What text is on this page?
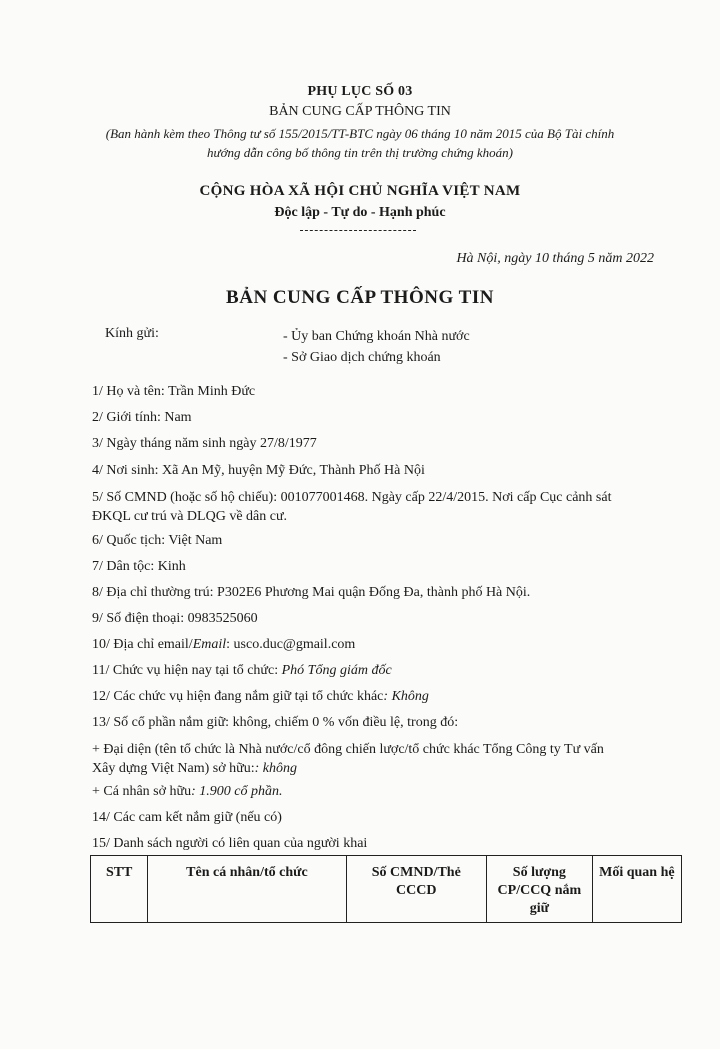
PHỤ LỤC SỐ 03
BẢN CUNG CẤP THÔNG TIN
(Ban hành kèm theo Thông tư số 155/2015/TT-BTC ngày 06 tháng 10 năm 2015 của Bộ Tài chính hướng dẫn công bố thông tin trên thị trường chứng khoán)
CỘNG HÒA XÃ HỘI CHỦ NGHĨA VIỆT NAM
Độc lập - Tự do - Hạnh phúc
Hà Nội, ngày 10 tháng 5 năm 2022
BẢN CUNG CẤP THÔNG TIN
Kính gửi:	- Ủy ban Chứng khoán Nhà nước
- Sở Giao dịch chứng khoán
1/ Họ và tên: Trần Minh Đức
2/ Giới tính: Nam
3/ Ngày tháng năm sinh ngày 27/8/1977
4/ Nơi sinh: Xã An Mỹ, huyện Mỹ Đức, Thành Phố Hà Nội
5/ Số CMND (hoặc số hộ chiếu): 001077001468. Ngày cấp 22/4/2015. Nơi cấp Cục cảnh sát ĐKQL cư trú và DLQG về dân cư.
6/ Quốc tịch: Việt Nam
7/ Dân tộc: Kinh
8/ Địa chỉ thường trú: P302E6 Phương Mai quận Đống Đa, thành phố Hà Nội.
9/ Số điện thoại: 0983525060
10/ Địa chỉ email/Email: usco.duc@gmail.com
11/ Chức vụ hiện nay tại tổ chức: Phó Tổng giám đốc
12/ Các chức vụ hiện đang nắm giữ tại tổ chức khác: Không
13/ Số cổ phần nắm giữ: không, chiếm 0 % vốn điều lệ, trong đó:
+ Đại diện (tên tổ chức là Nhà nước/cổ đông chiến lược/tổ chức khác Tổng Công ty Tư vấn Xây dựng Việt Nam) sở hữu:: không
+ Cá nhân sở hữu: 1.900 cổ phần.
14/ Các cam kết nắm giữ (nếu có)
15/ Danh sách người có liên quan của người khai
STT	Tên cá nhân/tổ chức	Số CMND/Thẻ CCCD	Số lượng CP/CCQ nắm giữ	Mối quan hệ
